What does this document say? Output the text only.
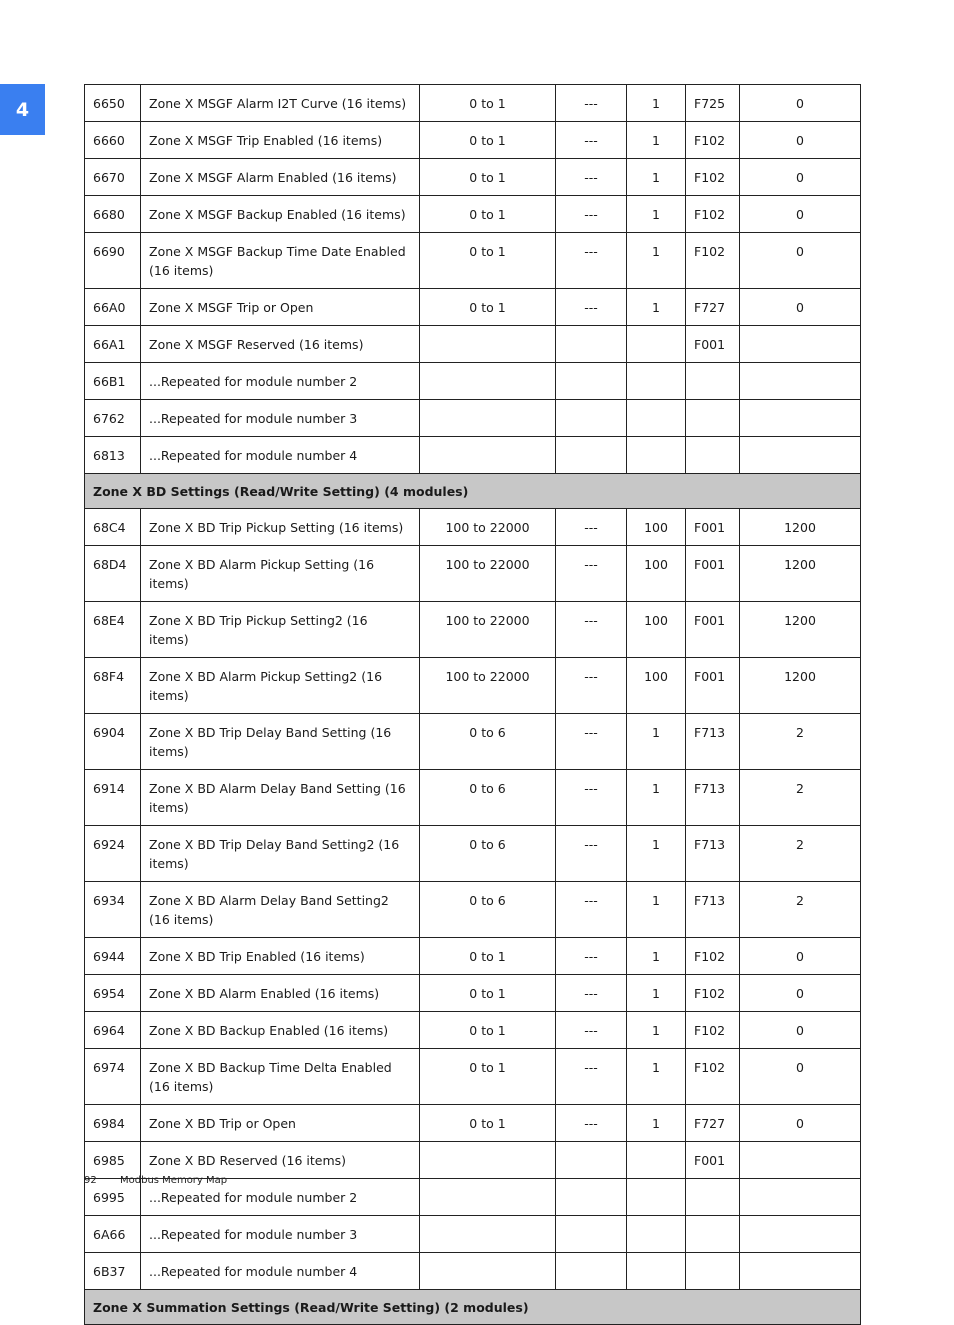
4	6650	Zone X MSGF Alarm I2T Curve (16 items)	0 to 1	---	1	F725	0
6660	Zone X MSGF Trip Enabled (16 items)	0 to 1	---	1	F102	0
6670	Zone X MSGF Alarm Enabled (16 items)	0 to 1	---	1	F102	0
6680	Zone X MSGF Backup Enabled (16 items)	0 to 1	---	1	F102	0
6690	Zone X MSGF Backup Time Date Enabled (16 items)	0 to 1	---	1	F102	0
66A0	Zone X MSGF Trip or Open	0 to 1	---	1	F727	0
66A1	Zone X MSGF Reserved (16 items)				F001	
66B1	...Repeated for module number 2					
6762	...Repeated for module number 3					
6813	...Repeated for module number 4					
Zone X BD Settings (Read/Write Setting) (4 modules)						
68C4	Zone X BD Trip Pickup Setting (16 items)	100 to 22000	---	100	F001	1200
68D4	Zone X BD Alarm Pickup Setting (16 items)	100 to 22000	---	100	F001	1200
68E4	Zone X BD Trip Pickup Setting2 (16 items)	100 to 22000	---	100	F001	1200
68F4	Zone X BD Alarm Pickup Setting2 (16 items)	100 to 22000	---	100	F001	1200
6904	Zone X BD Trip Delay Band Setting (16 items)	0 to 6	---	1	F713	2
6914	Zone X BD Alarm Delay Band Setting (16 items)	0 to 6	---	1	F713	2
6924	Zone X BD Trip Delay Band Setting2 (16 items)	0 to 6	---	1	F713	2
6934	Zone X BD Alarm Delay Band Setting2 (16 items)	0 to 6	---	1	F713	2
6944	Zone X BD Trip Enabled (16 items)	0 to 1	---	1	F102	0
6954	Zone X BD Alarm Enabled (16 items)	0 to 1	---	1	F102	0
6964	Zone X BD Backup Enabled (16 items)	0 to 1	---	1	F102	0
6974	Zone X BD Backup Time Delta Enabled (16 items)	0 to 1	---	1	F102	0
6984	Zone X BD Trip or Open	0 to 1	---	1	F727	0
6985	Zone X BD Reserved (16 items)				F001	
6995	...Repeated for module number 2					
6A66	...Repeated for module number 3					
6B37	...Repeated for module number 4					
Zone X Summation Settings (Read/Write Setting) (2 modules)						
92 Modbus Memory Map
